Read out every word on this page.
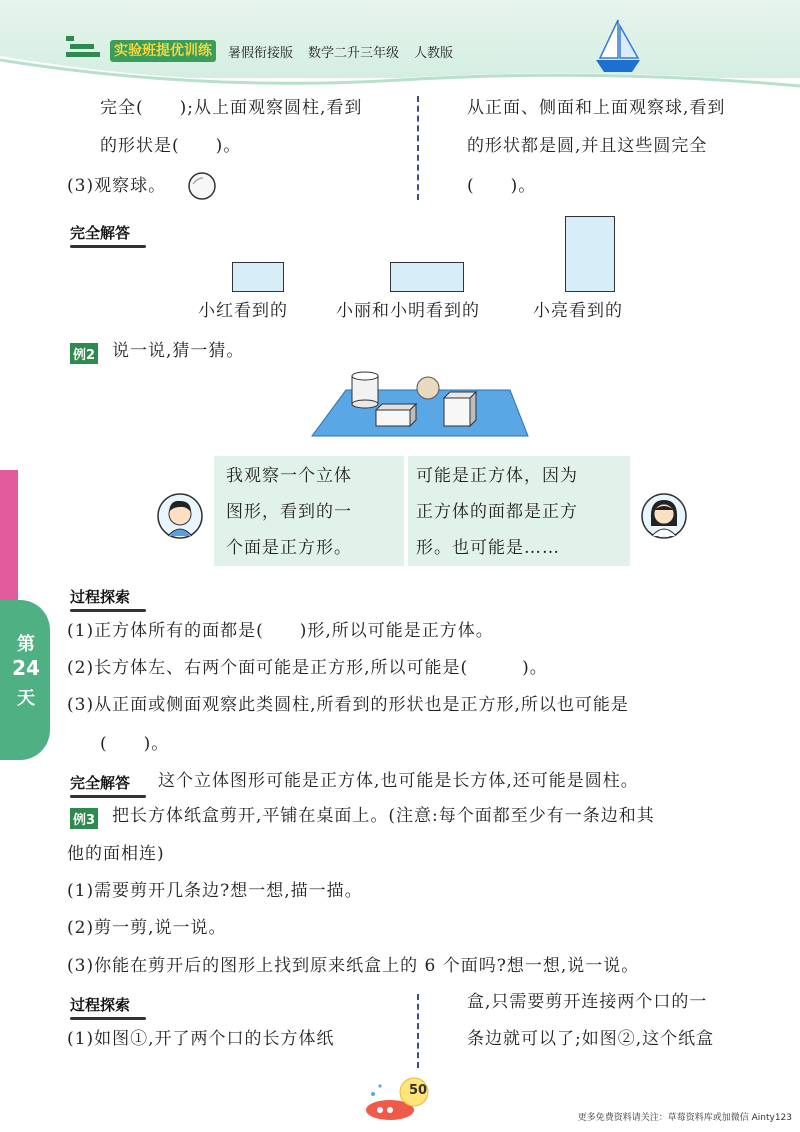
实验班提优训练	暑假衔接版 数学二升三年级 人教版
完全(　　);从上面观察圆柱,看到
的形状是(　　)。
(3)观察球。
从正面、侧面和上面观察球,看到
的形状都是圆,并且这些圆完全
(　　)。
完全解答
小红看到的	小丽和小明看到的	小亮看到的
例2 说一说,猜一猜。
我观察一个立体
图形，看到的一
个面是正方形。
可能是正方体，因为
正方体的面都是正方
形。也可能是……
过程探索
(1)正方体所有的面都是(　　)形,所以可能是正方体。
(2)长方体左、右两个面可能是正方形,所以可能是(　　　)。
(3)从正面或侧面观察此类圆柱,所看到的形状也是正方形,所以也可能是
(　　)。
完全解答 这个立体图形可能是正方体,也可能是长方体,还可能是圆柱。
例3 把长方体纸盒剪开,平铺在桌面上。(注意:每个面都至少有一条边和其
他的面相连)
(1)需要剪开几条边?想一想,描一描。
(2)剪一剪,说一说。
(3)你能在剪开后的图形上找到原来纸盒上的 6 个面吗?想一想,说一说。
过程探索
(1)如图①,开了两个口的长方体纸
盒,只需要剪开连接两个口的一
条边就可以了;如图②,这个纸盒
第
24
天
50
更多免费资料请关注：草莓资料库或加微信 Ainty123
